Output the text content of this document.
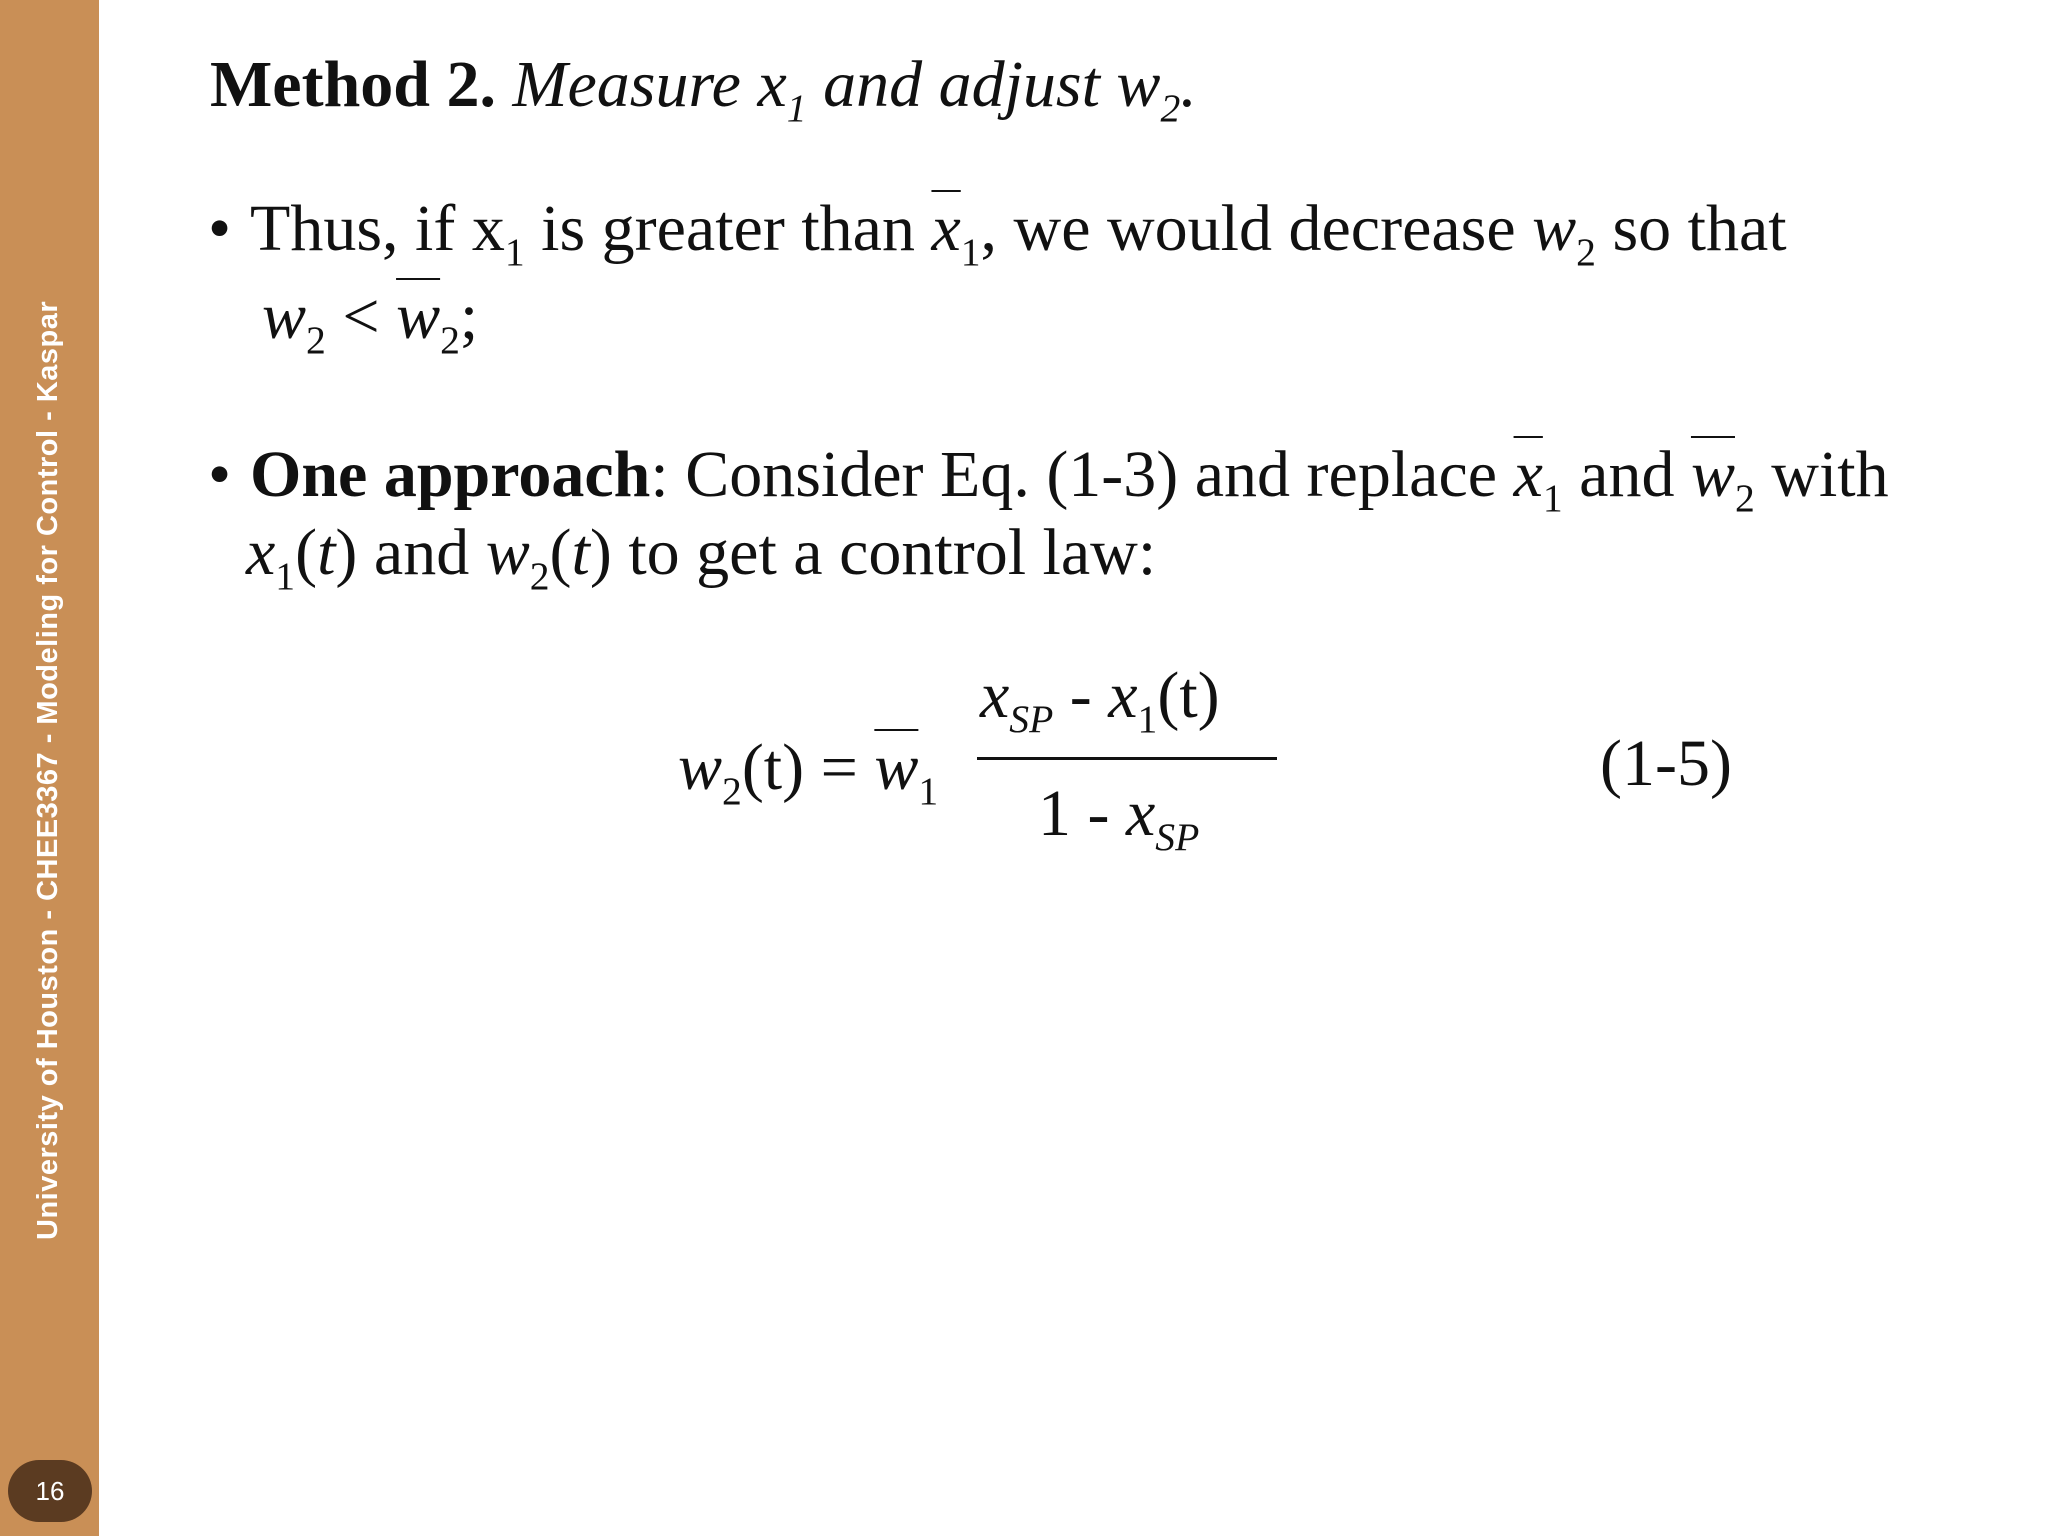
University of Houston - CHEE3367 - Modeling for Control - Kaspar
16
Method 2. Measure $x_1$ and adjust $w_2$.
• Thus, if $x_1$ is greater than $\overline{x}_1$, we would decrease $w_2$ so that
$w_2 < \overline{w}_2$;
• One approach: Consider Eq. (1-3) and replace $\overline{x}_1$ and $\overline{w}_2$ with
$x_1(t)$ and $w_2(t)$ to get a control law:
$w_2(t) = \overline{w}_1$
$x_{SP} - x_1(t)$
$1 - x_{SP}$
(1-5)
